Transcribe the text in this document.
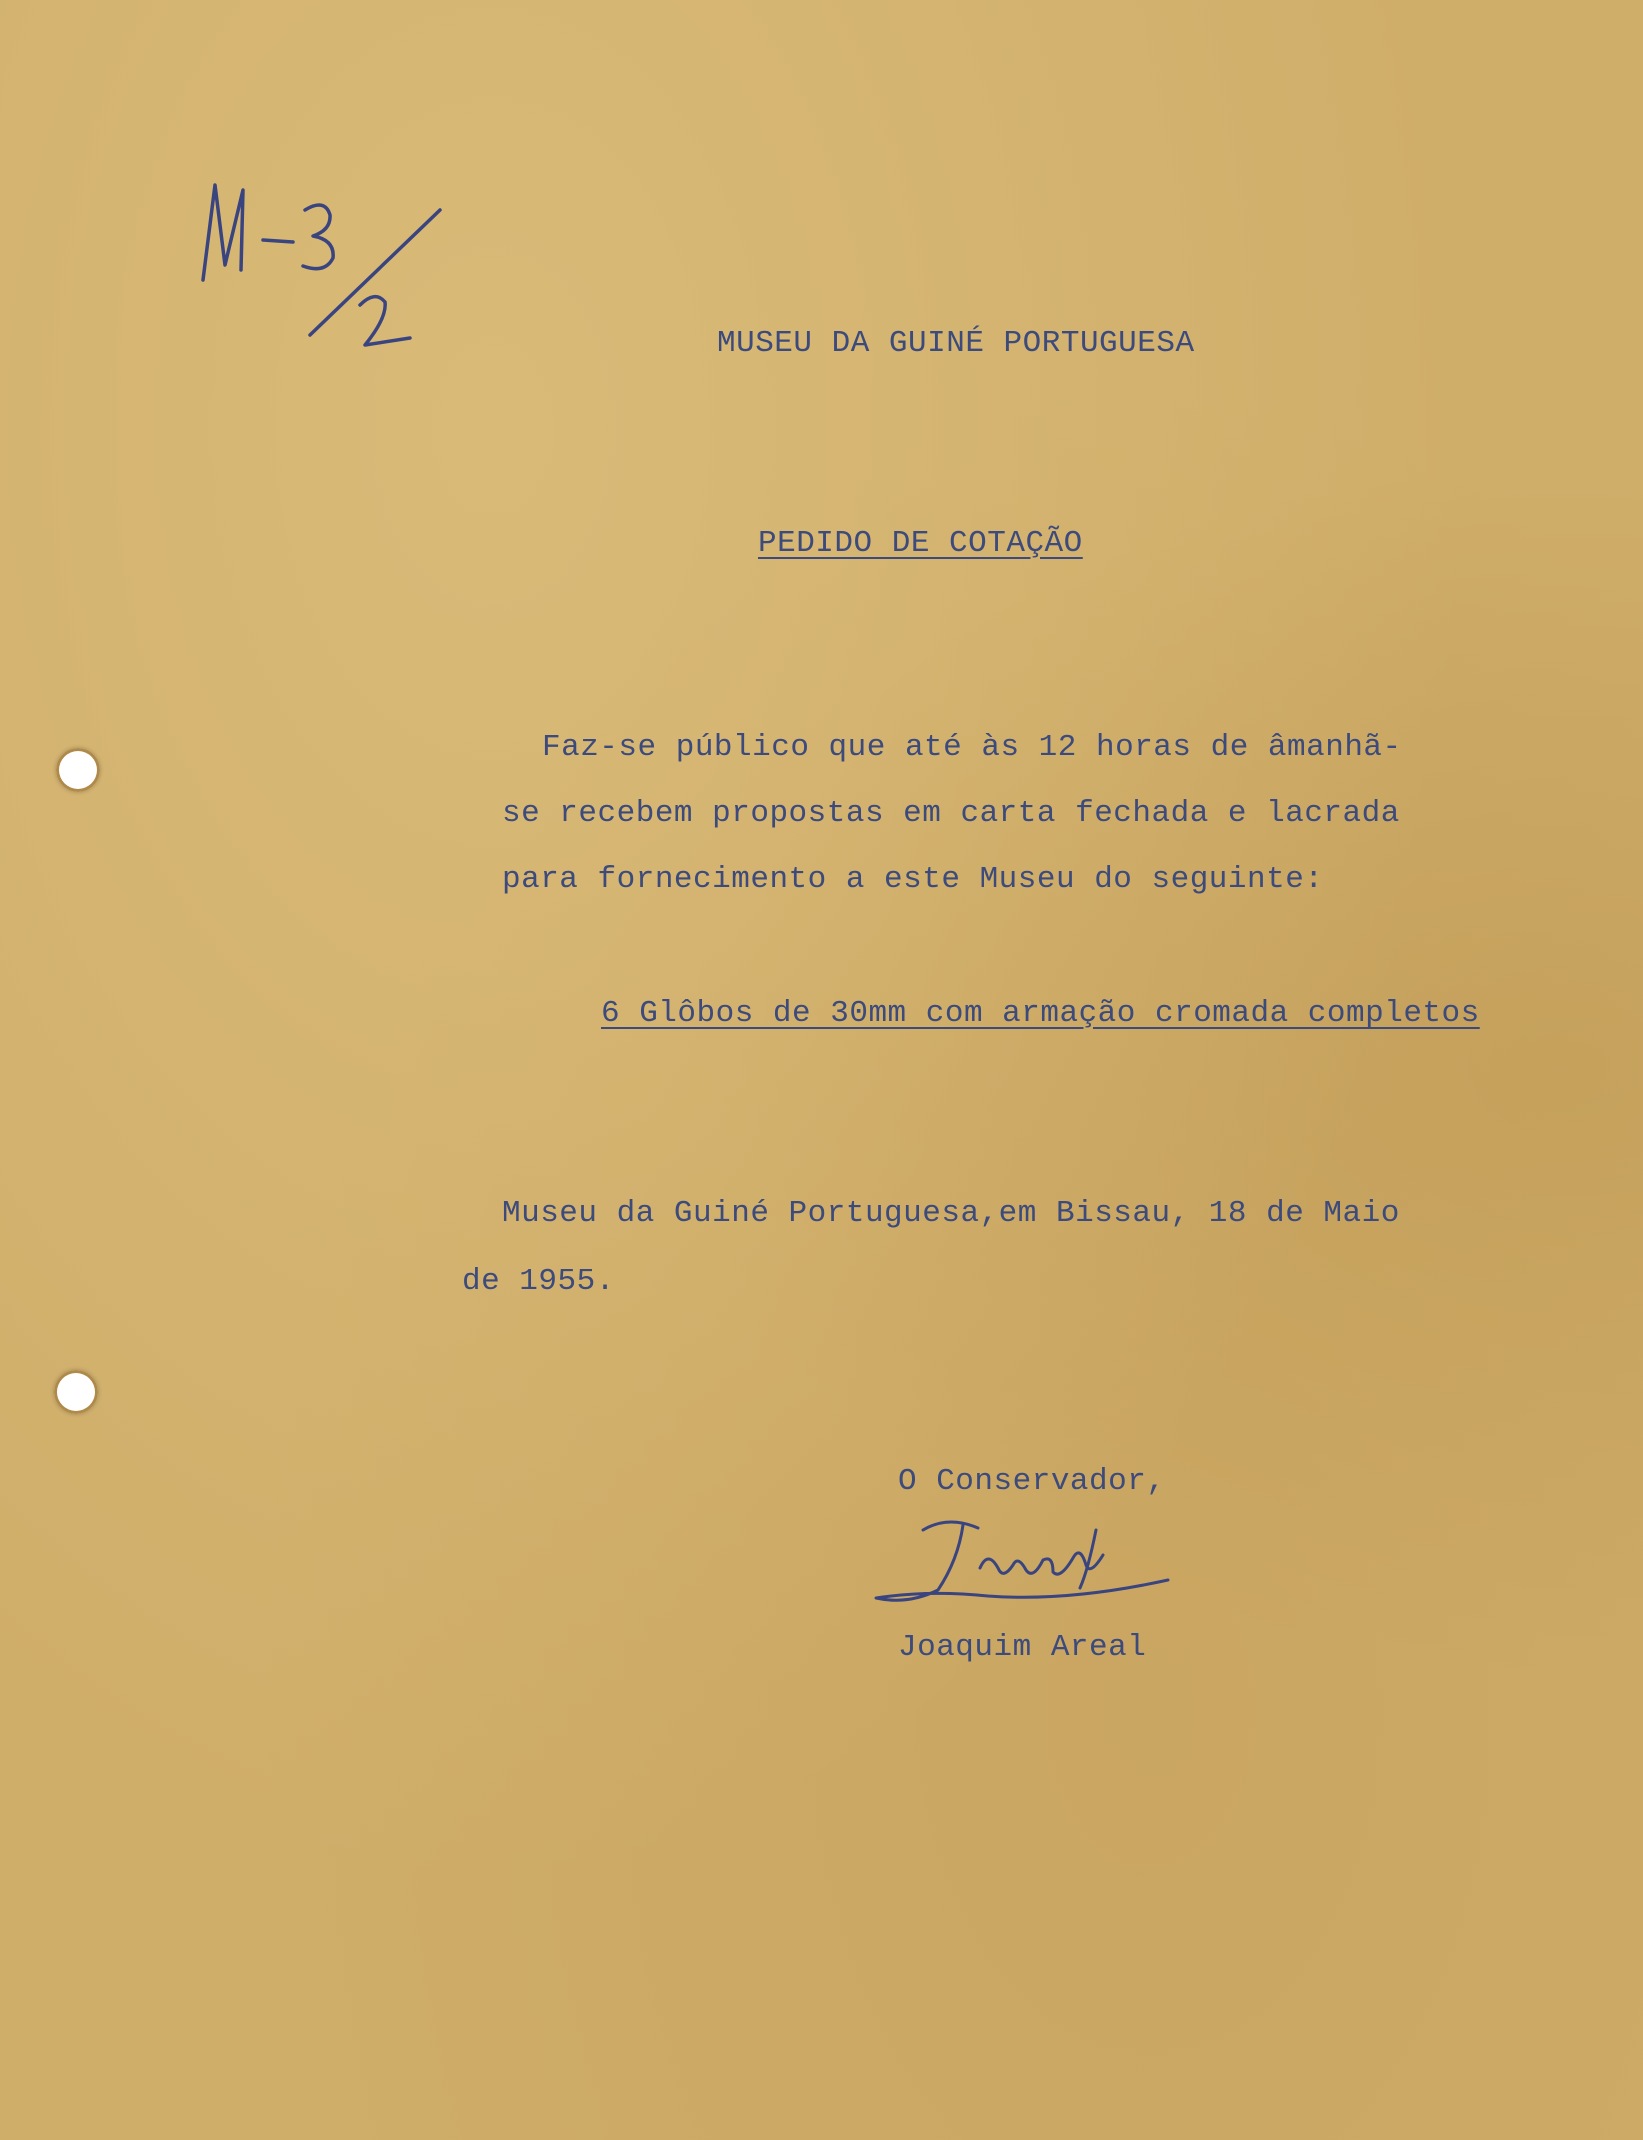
MUSEU DA GUINÉ PORTUGUESA

PEDIDO DE COTAÇÃO

Faz-se público que até às 12 horas de âmanhã-

se recebem propostas em carta fechada e lacrada

para fornecimento a este Museu do seguinte:

6 Glôbos de 30mm com armação cromada completos

Museu da Guiné Portuguesa,em Bissau, 18 de Maio

de 1955.

O Conservador,

Joaquim Areal
